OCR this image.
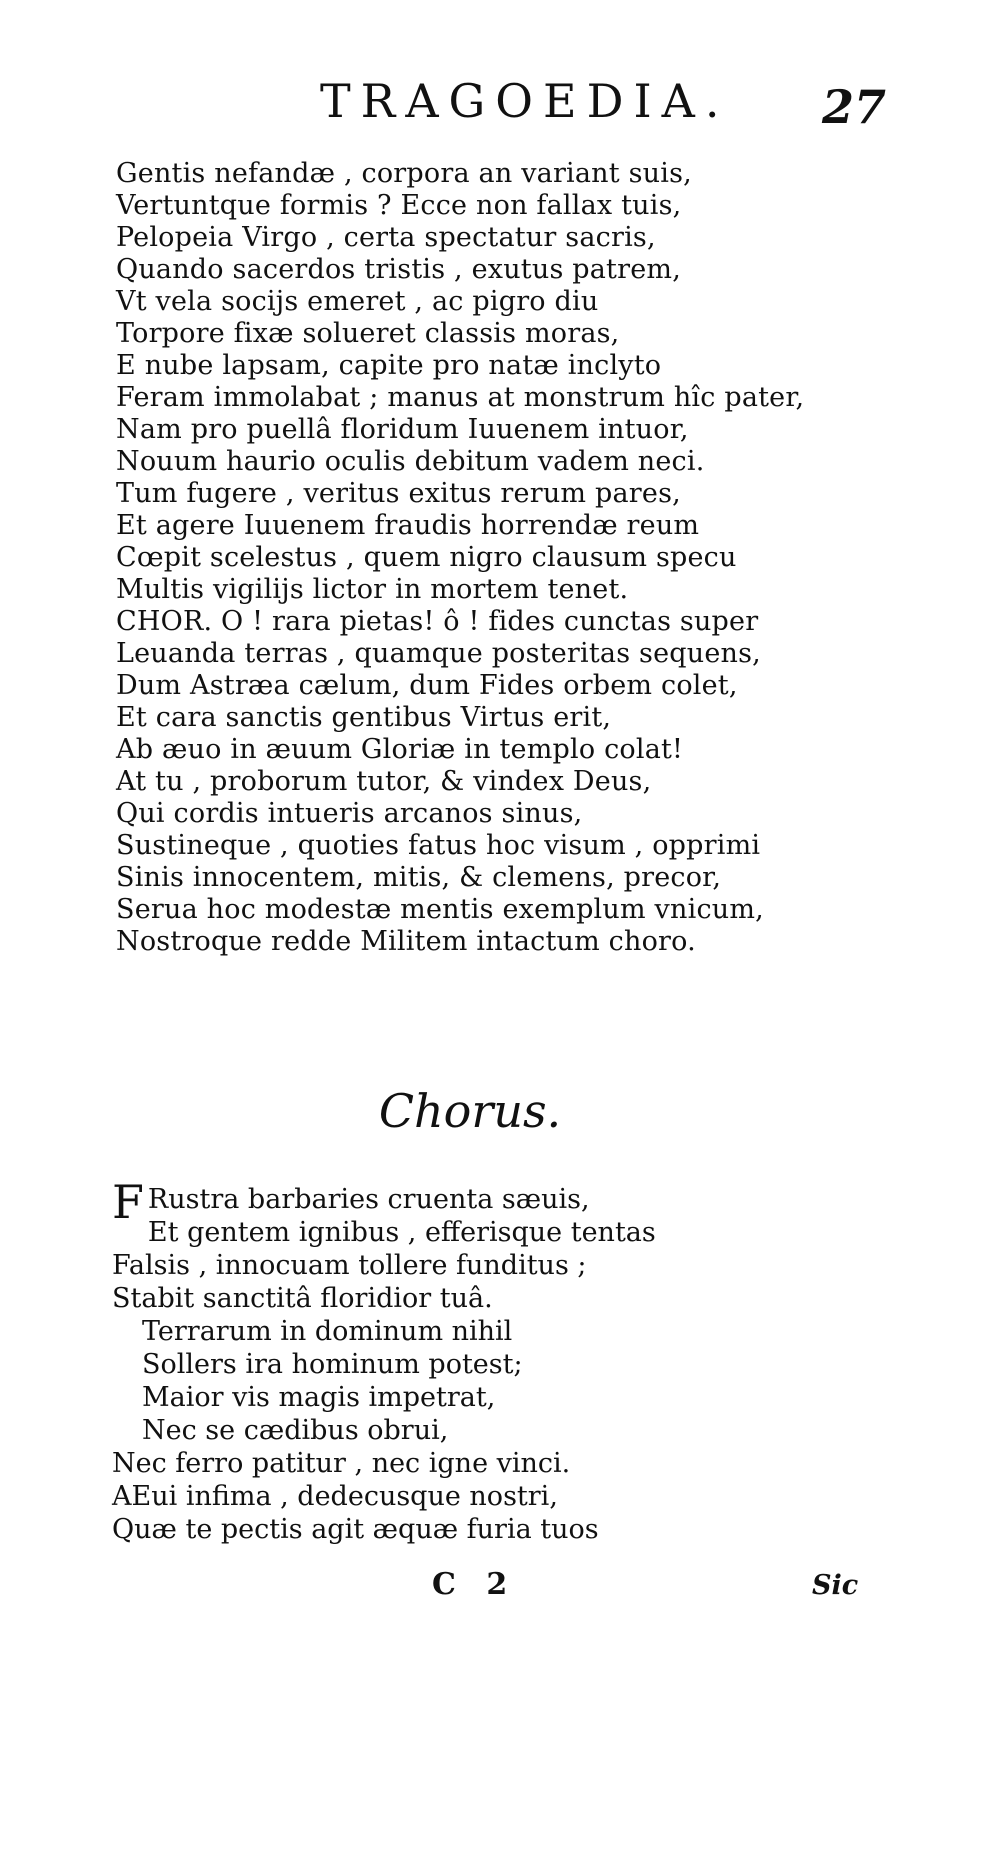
TRAGOEDIA. 27
Gentis nefandæ , corpora an variant suis,
Vertuntque formis ? Ecce non fallax tuis,
Pelopeia Virgo , certa spectatur sacris,
Quando sacerdos tristis , exutus patrem,
Vt vela socijs emeret , ac pigro diu
Torpore fixæ solueret classis moras,
E nube lapsam, capite pro natæ inclyto
Feram immolabat ; manus at monstrum hîc pater,
Nam pro puellâ floridum Iuuenem intuor,
Nouum haurio oculis debitum vadem neci.
Tum fugere , veritus exitus rerum pares,
Et agere Iuuenem fraudis horrendæ reum
Cœpit scelestus , quem nigro clausum specu
Multis vigilijs lictor in mortem tenet.
CHOR. O ! rara pietas! ô ! fides cunctas super
Leuanda terras , quamque posteritas sequens,
Dum Astræa cælum, dum Fides orbem colet,
Et cara sanctis gentibus Virtus erit,
Ab æuo in æuum Gloriæ in templo colat!
At tu , proborum tutor, & vindex Deus,
Qui cordis intueris arcanos sinus,
Sustineque , quoties fatus hoc visum , opprimi
Sinis innocentem, mitis, & clemens, precor,
Serua hoc modestæ mentis exemplum vnicum,
Nostroque redde Militem intactum choro.
Chorus.
F Rustra barbaries cruenta sæuis,
Et gentem ignibus , efferisque tentas
Falsis , innocuam tollere funditus ;
Stabit sanctitâ floridior tuâ.
Terrarum in dominum nihil
Sollers ira hominum potest;
Maior vis magis impetrat,
Nec se cædibus obrui,
Nec ferro patitur , nec igne vinci.
AEui infima , dedecusque nostri,
Quæ te pectis agit æquæ furia tuos
C 2	Sic
